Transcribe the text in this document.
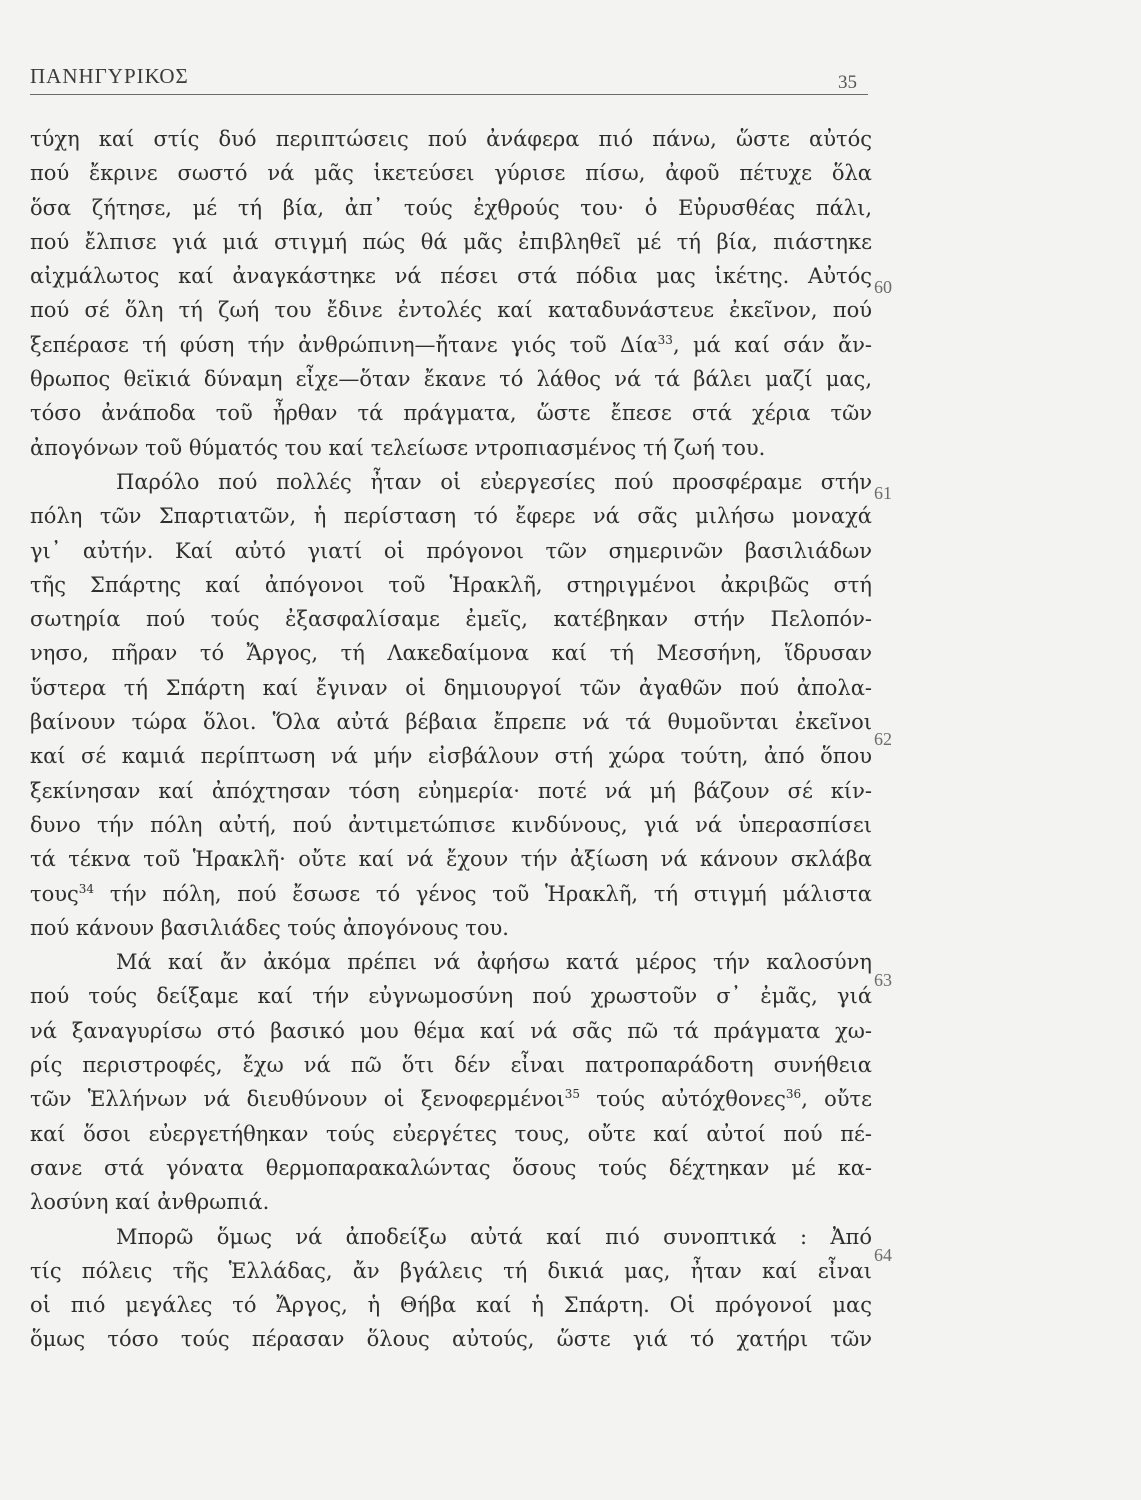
ΠΑΝΗΓΥΡΙΚΟΣ	35
60
61
62
63
64
τύχη καί στίς δυό περιπτώσεις πού ἀνάφερα πιό πάνω, ὥστε αὐτός
πού ἔκρινε σωστό νά μᾶς ἱκετεύσει γύρισε πίσω, ἀφοῦ πέτυχε ὅλα
ὅσα ζήτησε, μέ τή βία, ἀπ᾽ τούς ἐχθρούς του· ὁ Εὐρυσθέας πάλι,
πού ἔλπισε γιά μιά στιγμή πώς θά μᾶς ἐπιβληθεῖ μέ τή βία, πιάστηκε
αἰχμάλωτος καί ἀναγκάστηκε νά πέσει στά πόδια μας ἱκέτης. Αὐτός
πού σέ ὅλη τή ζωή του ἔδινε ἐντολές καί καταδυνάστευε ἐκεῖνον, πού
ξεπέρασε τή φύση τήν ἀνθρώπινη—ἤτανε γιός τοῦ Δία$^{33}$, μά καί σάν ἄν-
θρωπος θεϊκιά δύναμη εἶχε—ὅταν ἔκανε τό λάθος νά τά βάλει μαζί μας,
τόσο ἀνάποδα τοῦ ἦρθαν τά πράγματα, ὥστε ἔπεσε στά χέρια τῶν
ἀπογόνων τοῦ θύματός του καί τελείωσε ντροπιασμένος τή ζωή του.
Παρόλο πού πολλές ἦταν οἱ εὐεργεσίες πού προσφέραμε στήν
πόλη τῶν Σπαρτιατῶν, ἡ περίσταση τό ἔφερε νά σᾶς μιλήσω μοναχά
γι᾽ αὐτήν. Καί αὐτό γιατί οἱ πρόγονοι τῶν σημερινῶν βασιλιάδων
τῆς Σπάρτης καί ἀπόγονοι τοῦ Ἡρακλῆ, στηριγμένοι ἀκριβῶς στή
σωτηρία πού τούς ἐξασφαλίσαμε ἐμεῖς, κατέβηκαν στήν Πελοπόν-
νησο, πῆραν τό Ἄργος, τή Λακεδαίμονα καί τή Μεσσήνη, ἵδρυσαν
ὕστερα τή Σπάρτη καί ἔγιναν οἱ δημιουργοί τῶν ἀγαθῶν πού ἀπολα-
βαίνουν τώρα ὅλοι. Ὅλα αὐτά βέβαια ἔπρεπε νά τά θυμοῦνται ἐκεῖνοι
καί σέ καμιά περίπτωση νά μήν εἰσβάλουν στή χώρα τούτη, ἀπό ὅπου
ξεκίνησαν καί ἀπόχτησαν τόση εὐημερία· ποτέ νά μή βάζουν σέ κίν-
δυνο τήν πόλη αὐτή, πού ἀντιμετώπισε κινδύνους, γιά νά ὑπερασπίσει
τά τέκνα τοῦ Ἡρακλῆ· οὔτε καί νά ἔχουν τήν ἀξίωση νά κάνουν σκλάβα
τους$^{34}$ τήν πόλη, πού ἔσωσε τό γένος τοῦ Ἡρακλῆ, τή στιγμή μάλιστα
πού κάνουν βασιλιάδες τούς ἀπογόνους του.
Μά καί ἄν ἀκόμα πρέπει νά ἀφήσω κατά μέρος τήν καλοσύνη
πού τούς δείξαμε καί τήν εὐγνωμοσύνη πού χρωστοῦν σ᾽ ἐμᾶς, γιά
νά ξαναγυρίσω στό βασικό μου θέμα καί νά σᾶς πῶ τά πράγματα χω-
ρίς περιστροφές, ἔχω νά πῶ ὅτι δέν εἶναι πατροπαράδοτη συνήθεια
τῶν Ἑλλήνων νά διευθύνουν οἱ ξενοφερμένοι$^{35}$ τούς αὐτόχθονες$^{36}$, οὔτε
καί ὅσοι εὐεργετήθηκαν τούς εὐεργέτες τους, οὔτε καί αὐτοί πού πέ-
σανε στά γόνατα θερμοπαρακαλώντας ὅσους τούς δέχτηκαν μέ κα-
λοσύνη καί ἀνθρωπιά.
Μπορῶ ὅμως νά ἀποδείξω αὐτά καί πιό συνοπτικά : Ἀπό
τίς πόλεις τῆς Ἑλλάδας, ἄν βγάλεις τή δικιά μας, ἦταν καί εἶναι
οἱ πιό μεγάλες τό Ἄργος, ἡ Θήβα καί ἡ Σπάρτη. Οἱ πρόγονοί μας
ὅμως τόσο τούς πέρασαν ὅλους αὐτούς, ὥστε γιά τό χατήρι τῶν
